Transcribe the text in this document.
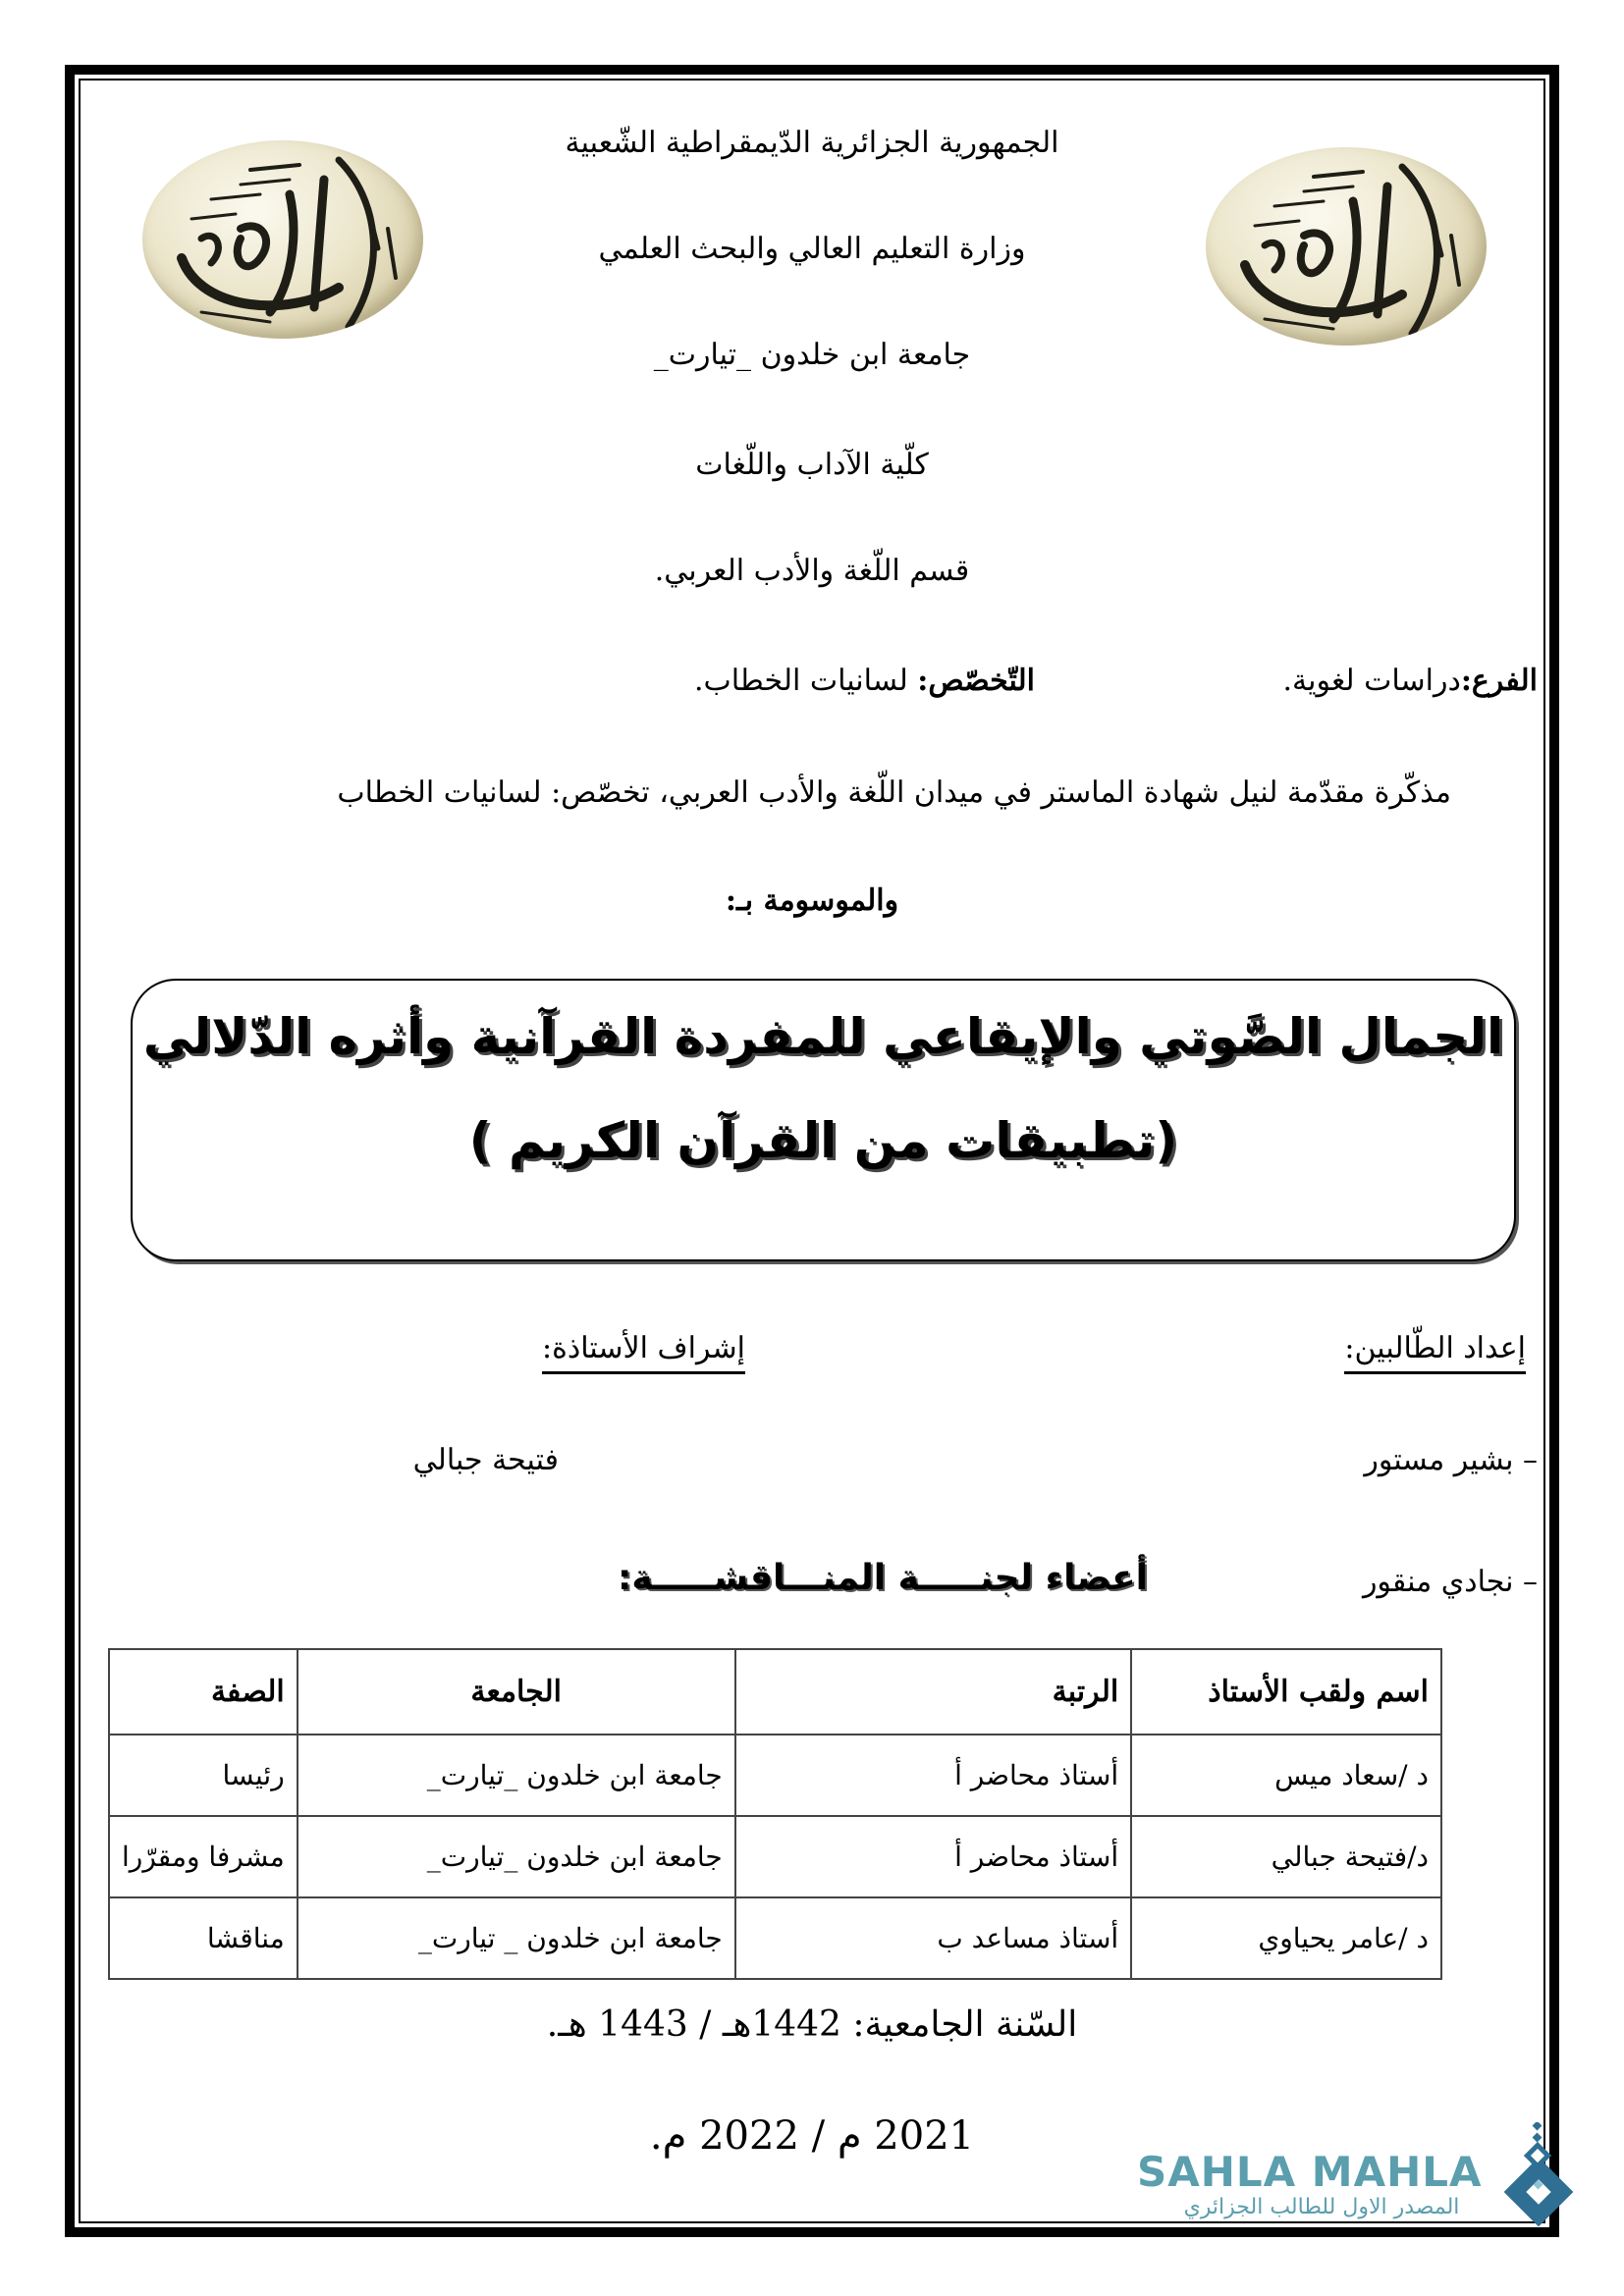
الجمهورية الجزائرية الدّيمقراطية الشّعبية
وزارة التعليم العالي والبحث العلمي
جامعة ابن خلدون _تيارت_
كلّية الآداب واللّغات
قسم اللّغة والأدب العربي.
الفرع:دراسات لغوية.
التّخصّص: لسانيات الخطاب.
مذكّرة مقدّمة لنيل شهادة الماستر في ميدان اللّغة والأدب العربي، تخصّص: لسانيات الخطاب
والموسومة بـ:
الجمال الصَّوتي والإيقاعي للمفردة القرآنية وأثره الدّلالي
(تطبيقات من القرآن الكريم )
إعداد الطّالبين:
– بشير مستور
– نجادي منقور
إشراف الأستاذة:
فتيحة جبالي
أعضاء لجنـــــة المنـــاقشـــــة:
اسم ولقب الأستاذ	الرتبة	الجامعة	الصفة
د /سعاد ميس	أستاذ محاضر أ	جامعة ابن خلدون _تيارت_	رئيسا
د/فتيحة جبالي	أستاذ محاضر أ	جامعة ابن خلدون _تيارت_	مشرفا ومقرّرا
د /عامر يحياوي	أستاذ مساعد ب	جامعة ابن خلدون _ تيارت_	مناقشا
السّنة الجامعية: 1442هـ / 1443 هـ.
2021 م / 2022 م.
SAHLA MAHLA
المصدر الاول للطالب الجزائري
